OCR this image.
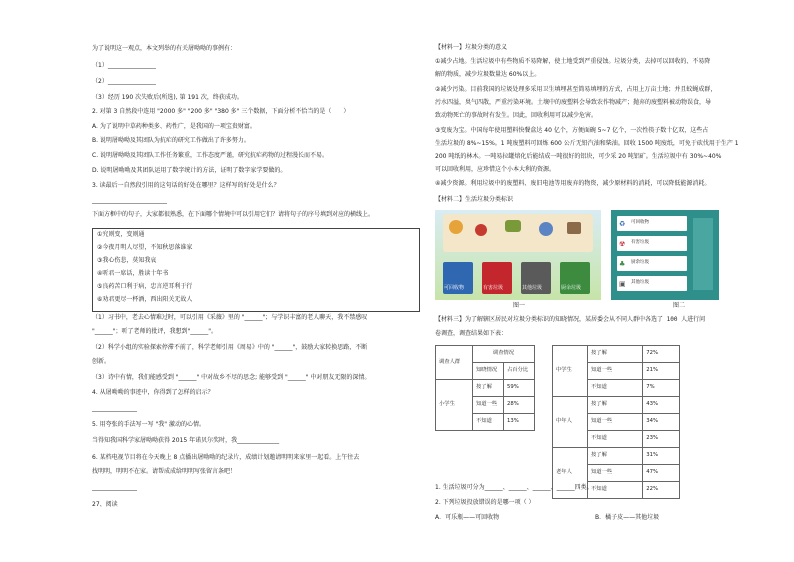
为了说明这一观点，本文列举的有关屠呦呦的事例有：
（1）________________
（2）________________
（3）经历 190 次失败后(所选), 第 191 次，终获成功。
2. 对第 3 自然段中连用 "2000 多" "200 多" "380 多" 三个数据，下面分析不恰当的是（　　）
A. 为了说明中草药种类多、药性广，是我国的一项宝贵财富。
B. 说明屠呦呦及其团队为抗疟的研究工作做出了许多努力。
C. 说明屠呦呦及其团队工作任务繁重，工作态度严谨，研究抗疟药物的过程漫长而不易。
D. 说明屠呦呦及其团队运用了数字统计的方法，证明了数字家学要做的。
3. 读最后一自然段引用的这句话的好处在哪里？这样写的好处是什么？
_________________________
下面方框中的句子，大家都很熟悉，在下面哪个情境中可以引用它们？请将句子的序号填到对应的横线上。
①究则变，变则通
②今夜月明人尽望，不知秋思落谁家
③我心伤悲，莫知我哀
④听君一席话，胜读十年书
⑤良药苦口利于病，忠言逆耳利于行
⑥劝君更尽一杯酒，西出阳关无故人
（1）习书中，老去心情难过时，可以引用《采薇》里的 "______"；与学识丰富的老人聊天，我不禁感叹
"______"；听了老师的批评，我想到"______"。
（2）科学小组的实验探索停滞不前了，科学老师引用《周易》中的 "______"，鼓励大家转换思路，不断
创新。
（3）诗中有情，我们能感受到 "______" 中对故乡不尽的思念; 能够受到 "______" 中对朋友无限的深情。
4. 从屠呦呦的事迹中，你得到了怎样的启示？
_______________
5. 用夸张的手法写一写 "我" 激动的心情。
当得知我国科学家屠呦呦获得 2015 年诺贝尔奖时，我______________
6. 某档电视节目将在今天晚上 8 点播出屠呦呦的纪录片，成绩计划邀请明明来家里一起看。上午往去
找明明，明明不在家。请帮成成给明明写张留言条吧！
_______________
27、阅读
【材料一】垃圾分类的意义
①减少占地。生活垃圾中有些物质不易降解，使土地受到严重侵蚀。垃圾分类，去掉可以回收的、不易降
解的物质，减少垃圾数量达 60%以上。
②减少污染。目前我国的垃圾处理多采用卫生填埋甚至简易填埋的方式，占用上万亩土地；并且蚊蝇成群，
污水四溢，臭气四散，严重污染环境。土壤中的废塑料会导致农作物减产；抛弃的废塑料被动物误食，导
致动物死亡的事故时有发生。因此，回收利用可以减少危害。
③变废为宝。中国每年使用塑料快餐盒达 40 亿个，方便面碗 5~7 亿个，一次性筷子数十亿双，这些占
生活垃圾的 8%~15%。1 吨废塑料可回炼 600 公斤无铅汽油和柴油。回收 1500 吨废纸，可免于砍伐用于生产 1
200 吨纸的林木。一吨易拉罐熔化后能结成一吨很好的铝块，可少采 20 吨铝矿。生活垃圾中有 30%~40%
可以回收利用，应珍惜这个小本大利的资源。
④减少资源。利用垃圾中的废塑料、废旧电池等用废弃的物资，减少原材料的消耗，可以降低能源消耗。
【材料二】生活垃圾分类标识
可回收物	有害垃圾	其他垃圾	厨余垃圾
图一
♻ 可回收物
☢ 有害垃圾
♣ 厨余垃圾
▣ 其他垃圾
图二
【材料三】为了解辖区居民对垃圾分类标识的知晓情况，某居委会从不同人群中各选了 100 人进行问
卷调查，调查结果如下表：
调查人群	调查情况	
	知晓情况	占百分比
小学生	按了解	59%
	知道一些	28%
	不知道	13%
中学生	按了解	72%
	知道一些	21%
	不知道	7%
中年人	按了解	43%
	知道一些	34%
	不知道	23%
老年人	按了解	31%
	知道一些	47%
	不知道	22%
1. 生活垃圾可分为______、______、______、______四类。
2. 下列垃圾投放错误的是哪一项（ ）
A．可乐瓶——可回收物	B．橘子皮——其他垃圾
